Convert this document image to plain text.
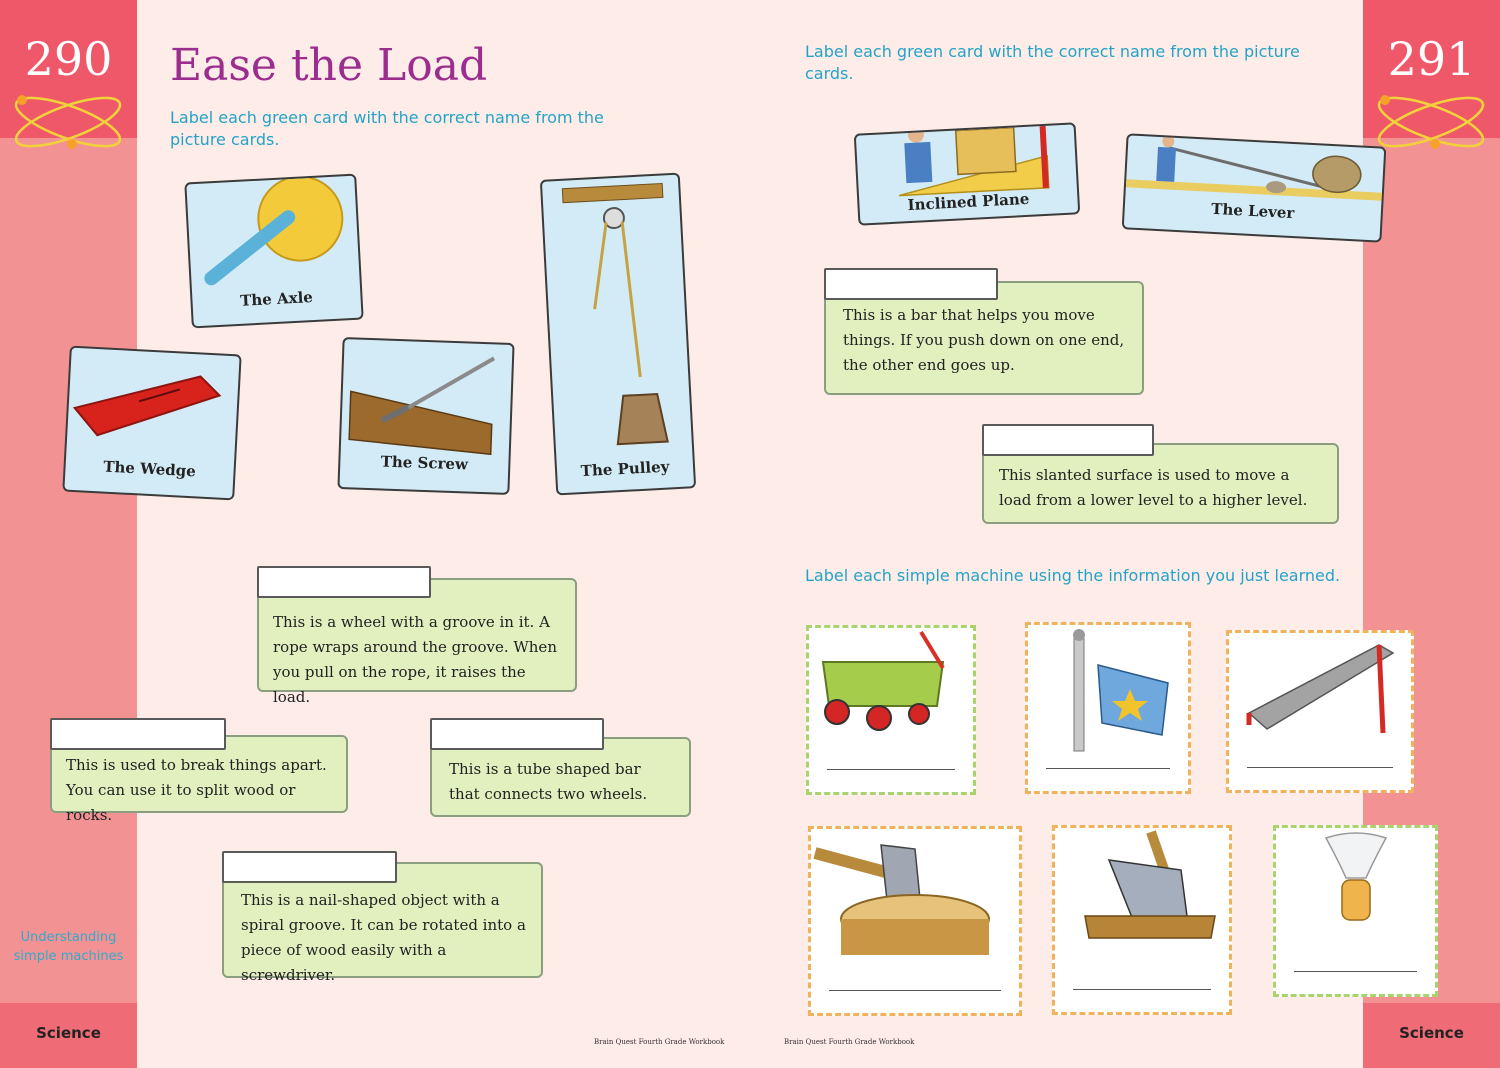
290
Understanding simple machines
Science
291
Science
Ease the Load
Label each green card with the correct name from the picture cards.
The Axle
The Wedge	The Screw	The Pulley
This is a wheel with a groove in it. A rope wraps around the groove. When you pull on the rope, it raises the load.
This is used to break things apart. You can use it to split wood or rocks.
This is a tube shaped bar that connects two wheels.
This is a nail-shaped object with a spiral groove. It can be rotated into a piece of wood easily with a screwdriver.
Brain Quest Fourth Grade Workbook
Label each green card with the correct name from the picture cards.
Inclined Plane	The Lever
This is a bar that helps you move things. If you push down on one end, the other end goes up.
This slanted surface is used to move a load from a lower level to a higher level.
Label each simple machine using the information you just learned.
Brain Quest Fourth Grade Workbook
